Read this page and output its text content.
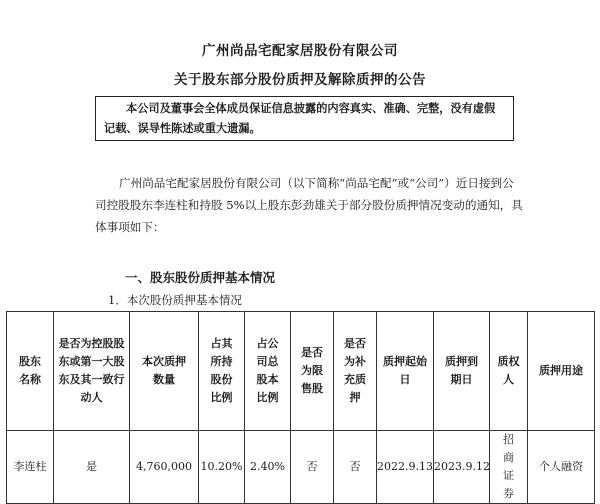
广州尚品宅配家居股份有限公司
关于股东部分股份质押及解除质押的公告
本公司及董事会全体成员保证信息披露的内容真实、准确、完整，没有虚假记载、误导性陈述或重大遗漏。
广州尚品宅配家居股份有限公司（以下简称“尚品宅配”或“公司”）近日接到公司控股股东李连柱和持股 5%以上股东彭劲雄关于部分股份质押情况变动的通知，具体事项如下：
一、股东股份质押基本情况
1．本次股份质押基本情况
股东名称	是否为控股股东或第一大股东及其一致行动人	本次质押数量	占其所持股份比例	占公司总股本比例	是否为限售股	是否为补充质押	质押起始日	质押到期日	质权人	质押用途
李连柱	是	4,760,000	10.20%	2.40%	否	否	2022.9.13	2023.9.12	招商证券	个人融资
